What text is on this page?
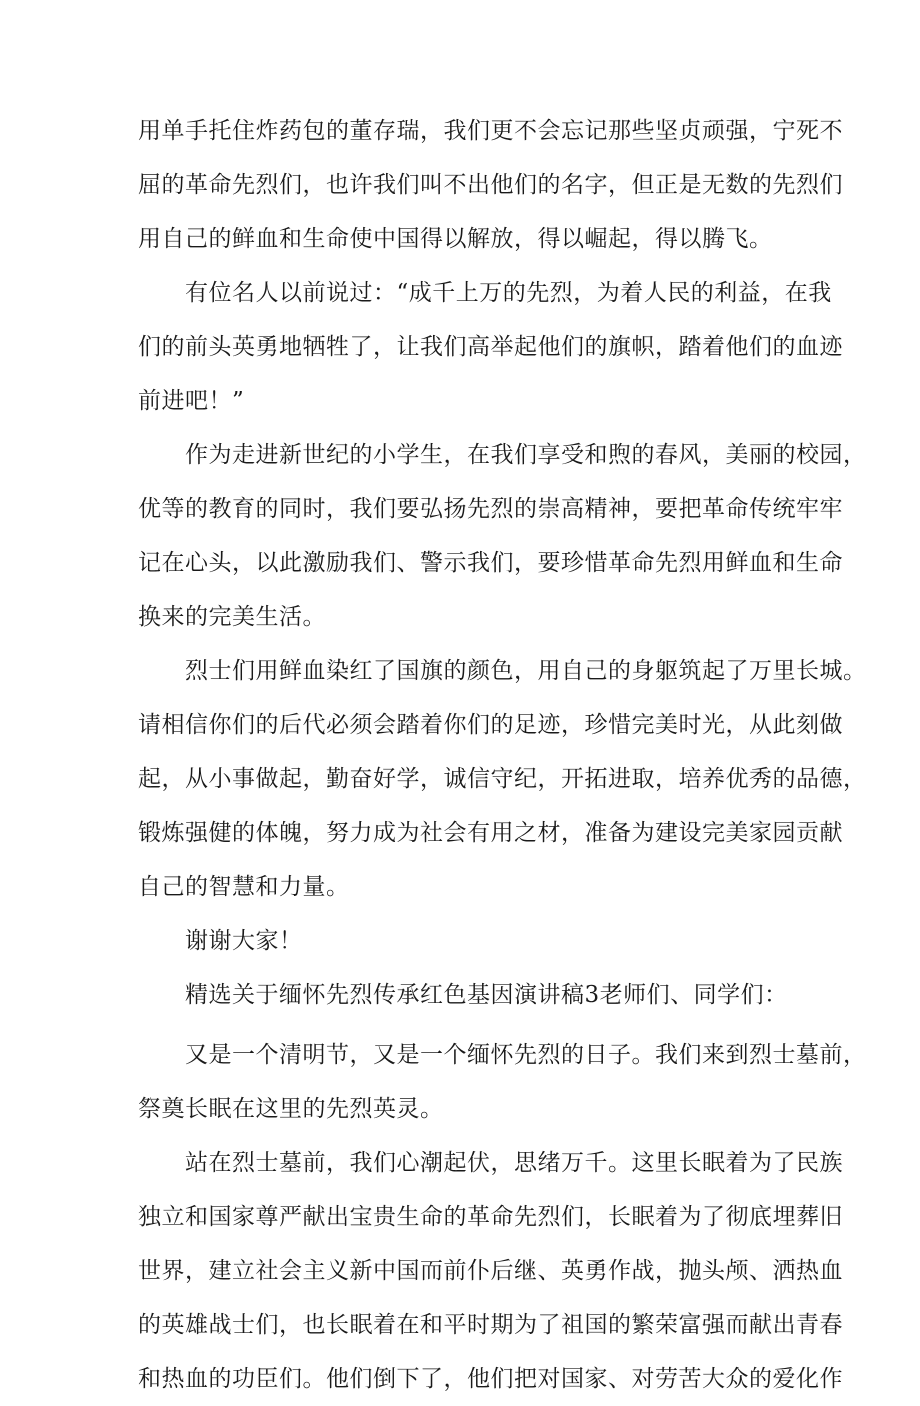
用单手托住炸药包的董存瑞，我们更不会忘记那些坚贞顽强，宁死不
屈的革命先烈们，也许我们叫不出他们的名字，但正是无数的先烈们
用自己的鲜血和生命使中国得以解放，得以崛起，得以腾飞。

有位名人以前说过：“成千上万的先烈，为着人民的利益，在我
们的前头英勇地牺牲了，让我们高举起他们的旗帜，踏着他们的血迹
前进吧！”

作为走进新世纪的小学生，在我们享受和煦的春风，美丽的校园，
优等的教育的同时，我们要弘扬先烈的崇高精神，要把革命传统牢牢
记在心头，以此激励我们、警示我们，要珍惜革命先烈用鲜血和生命
换来的完美生活。

烈士们用鲜血染红了国旗的颜色，用自己的身躯筑起了万里长城。
请相信你们的后代必须会踏着你们的足迹，珍惜完美时光，从此刻做
起，从小事做起，勤奋好学，诚信守纪，开拓进取，培养优秀的品德，
锻炼强健的体魄，努力成为社会有用之材，准备为建设完美家园贡献
自己的智慧和力量。

谢谢大家！

精选关于缅怀先烈传承红色基因演讲稿3老师们、同学们：

又是一个清明节，又是一个缅怀先烈的日子。我们来到烈士墓前，
祭奠长眠在这里的先烈英灵。

站在烈士墓前，我们心潮起伏，思绪万千。这里长眠着为了民族
独立和国家尊严献出宝贵生命的革命先烈们，长眠着为了彻底埋葬旧
世界，建立社会主义新中国而前仆后继、英勇作战，抛头颅、洒热血
的英雄战士们，也长眠着在和平时期为了祖国的繁荣富强而献出青春
和热血的功臣们。他们倒下了，他们把对国家、对劳苦大众的爱化作
